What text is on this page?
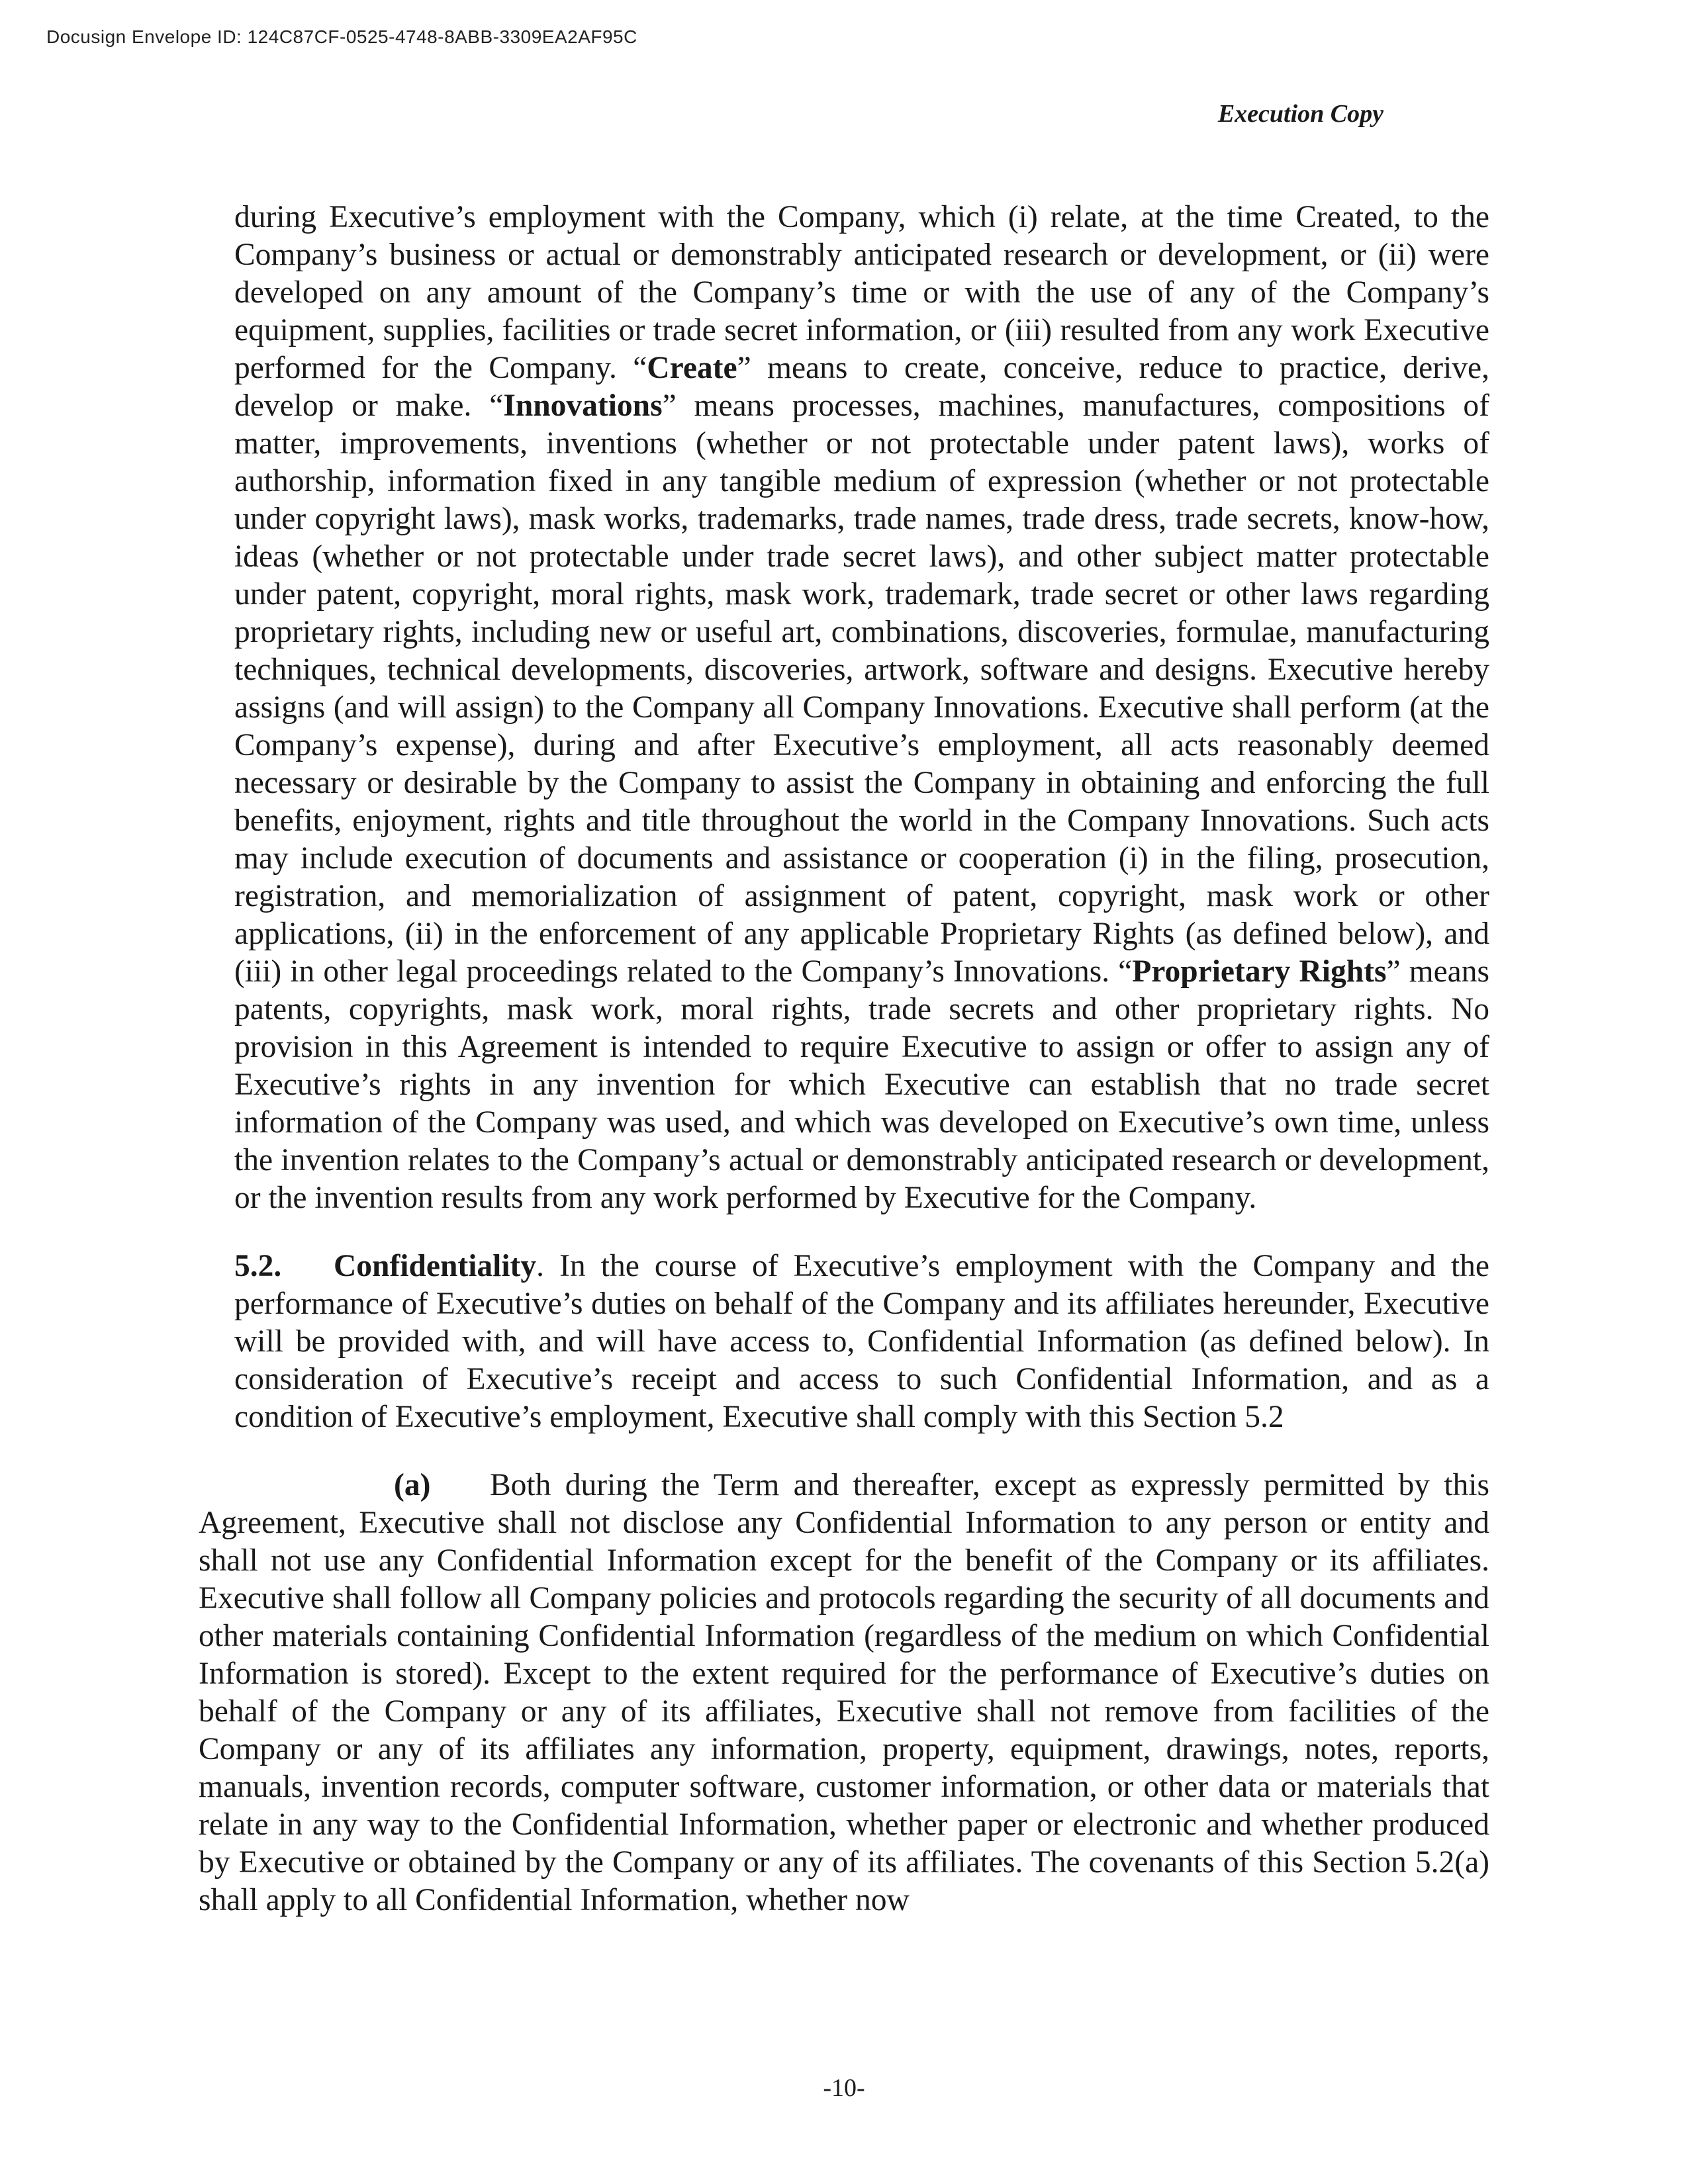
Docusign Envelope ID: 124C87CF-0525-4748-8ABB-3309EA2AF95C
Execution Copy

during Executive’s employment with the Company, which (i) relate, at the time Created, to the Company’s business or actual or demonstrably anticipated research or development, or (ii) were developed on any amount of the Company’s time or with the use of any of the Company’s equipment, supplies, facilities or trade secret information, or (iii) resulted from any work Executive performed for the Company. “Create” means to create, conceive, reduce to practice, derive, develop or make. “Innovations” means processes, machines, manufactures, compositions of matter, improvements, inventions (whether or not protectable under patent laws), works of authorship, information fixed in any tangible medium of expression (whether or not protectable under copyright laws), mask works, trademarks, trade names, trade dress, trade secrets, know-how, ideas (whether or not protectable under trade secret laws), and other subject matter protectable under patent, copyright, moral rights, mask work, trademark, trade secret or other laws regarding proprietary rights, including new or useful art, combinations, discoveries, formulae, manufacturing techniques, technical developments, discoveries, artwork, software and designs. Executive hereby assigns (and will assign) to the Company all Company Innovations. Executive shall perform (at the Company’s expense), during and after Executive’s employment, all acts reasonably deemed necessary or desirable by the Company to assist the Company in obtaining and enforcing the full benefits, enjoyment, rights and title throughout the world in the Company Innovations. Such acts may include execution of documents and assistance or cooperation (i) in the filing, prosecution, registration, and memorialization of assignment of patent, copyright, mask work or other applications, (ii) in the enforcement of any applicable Proprietary Rights (as defined below), and (iii) in other legal proceedings related to the Company’s Innovations. “Proprietary Rights” means patents, copyrights, mask work, moral rights, trade secrets and other proprietary rights. No provision in this Agreement is intended to require Executive to assign or offer to assign any of Executive’s rights in any invention for which Executive can establish that no trade secret information of the Company was used, and which was developed on Executive’s own time, unless the invention relates to the Company’s actual or demonstrably anticipated research or development, or the invention results from any work performed by Executive for the Company.

5.2. Confidentiality. In the course of Executive’s employment with the Company and the performance of Executive’s duties on behalf of the Company and its affiliates hereunder, Executive will be provided with, and will have access to, Confidential Information (as defined below). In consideration of Executive’s receipt and access to such Confidential Information, and as a condition of Executive’s employment, Executive shall comply with this Section 5.2

(a) Both during the Term and thereafter, except as expressly permitted by this Agreement, Executive shall not disclose any Confidential Information to any person or entity and shall not use any Confidential Information except for the benefit of the Company or its affiliates. Executive shall follow all Company policies and protocols regarding the security of all documents and other materials containing Confidential Information (regardless of the medium on which Confidential Information is stored). Except to the extent required for the performance of Executive’s duties on behalf of the Company or any of its affiliates, Executive shall not remove from facilities of the Company or any of its affiliates any information, property, equipment, drawings, notes, reports, manuals, invention records, computer software, customer information, or other data or materials that relate in any way to the Confidential Information, whether paper or electronic and whether produced by Executive or obtained by the Company or any of its affiliates. The covenants of this Section 5.2(a) shall apply to all Confidential Information, whether now

-10-
